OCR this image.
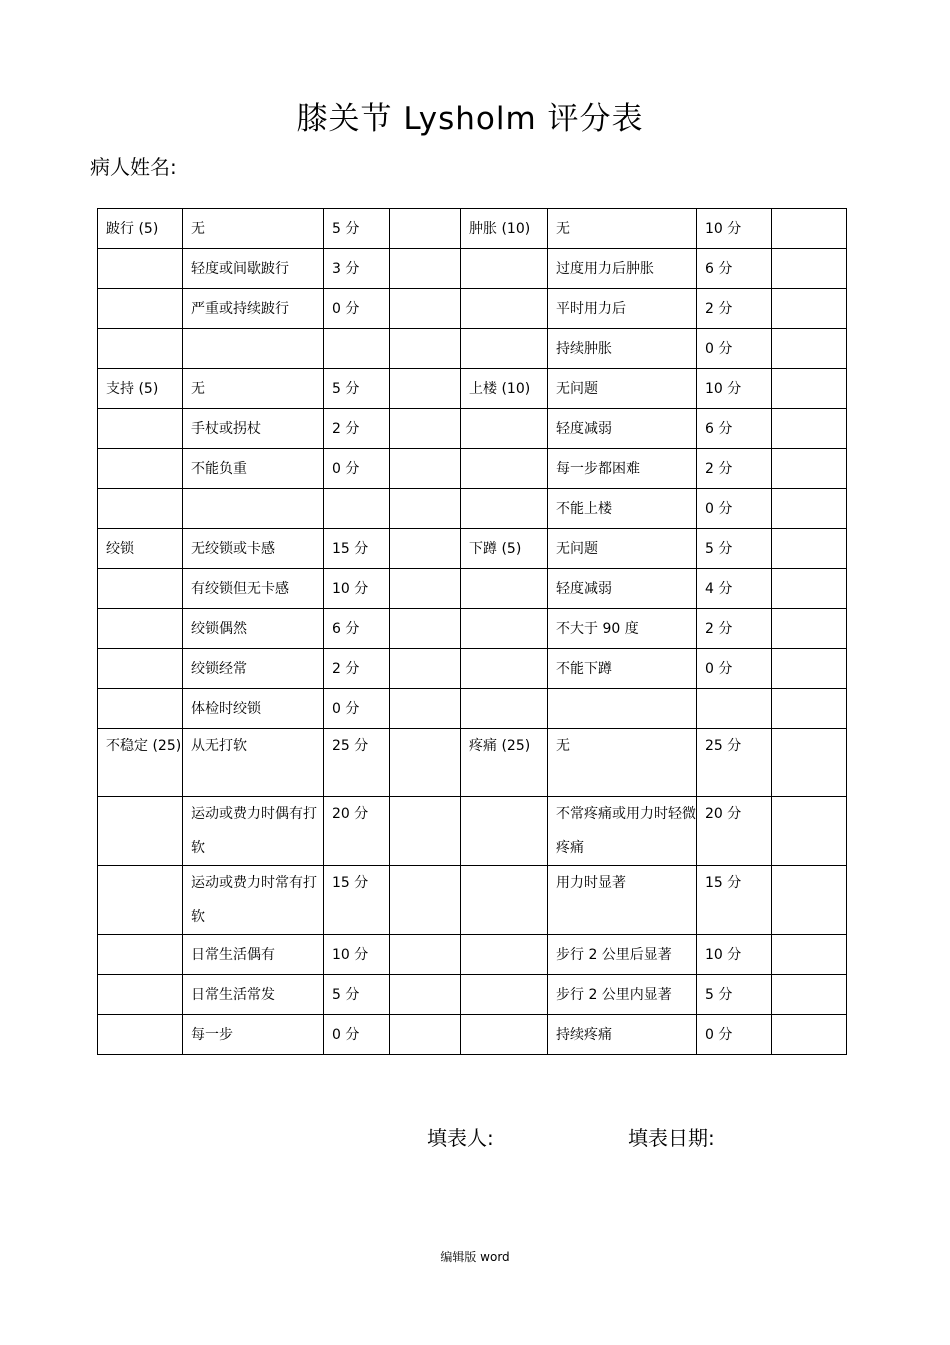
膝关节 Lysholm 评分表
病人姓名:
跛行 (5)	无	5 分		肿胀 (10)	无	10 分	
	轻度或间歇跛行	3 分			过度用力后肿胀	6 分	
	严重或持续跛行	0 分			平时用力后	2 分	
					持续肿胀	0 分	
支持 (5)	无	5 分		上楼 (10)	无问题	10 分	
	手杖或拐杖	2 分			轻度减弱	6 分	
	不能负重	0 分			每一步都困难	2 分	
					不能上楼	0 分	
绞锁	无绞锁或卡感	15 分		下蹲 (5)	无问题	5 分	
	有绞锁但无卡感	10 分			轻度减弱	4 分	
	绞锁偶然	6 分			不大于 90 度	2 分	
	绞锁经常	2 分			不能下蹲	0 分	
	体检时绞锁	0 分					
不稳定 (25)	从无打软	25 分		疼痛 (25)	无	25 分	
	运动或费力时偶有打软	20 分			不常疼痛或用力时轻微疼痛	20 分	
	运动或费力时常有打软	15 分			用力时显著	15 分	
	日常生活偶有	10 分			步行 2 公里后显著	10 分	
	日常生活常发	5 分			步行 2 公里内显著	5 分	
	每一步	0 分			持续疼痛	0 分	
填表人:	填表日期:
编辑版 word
